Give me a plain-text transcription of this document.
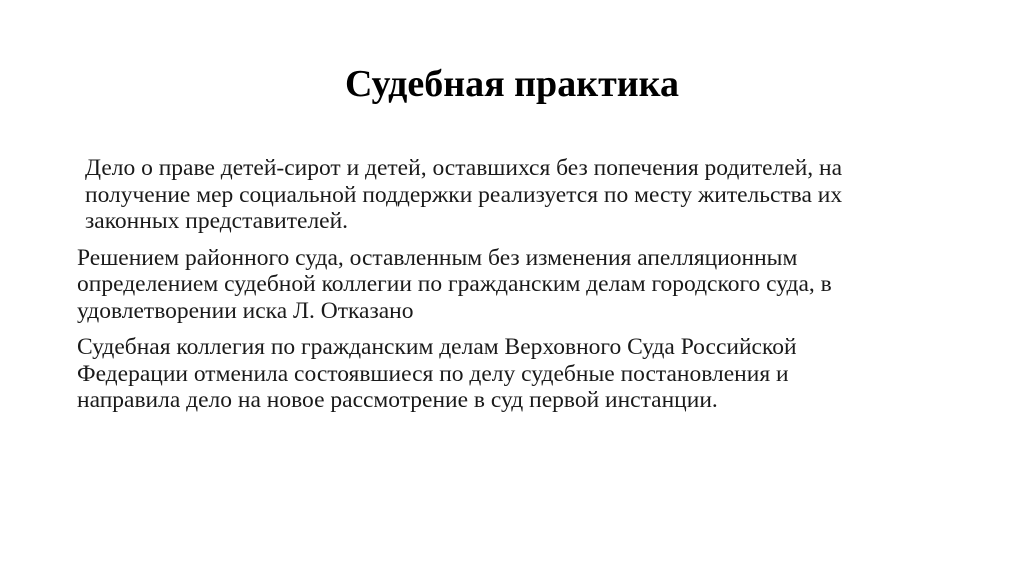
Судебная практика

Дело о праве детей-сирот и детей, оставшихся без попечения родителей, на
получение мер социальной поддержки реализуется по месту жительства их
законных представителей.

Решением районного суда, оставленным без изменения апелляционным
определением судебной коллегии по гражданским делам городского суда, в
удовлетворении иска Л. Отказано

Судебная коллегия по гражданским делам Верховного Суда Российской
Федерации отменила состоявшиеся по делу судебные постановления и
направила дело на новое рассмотрение в суд первой инстанции.
